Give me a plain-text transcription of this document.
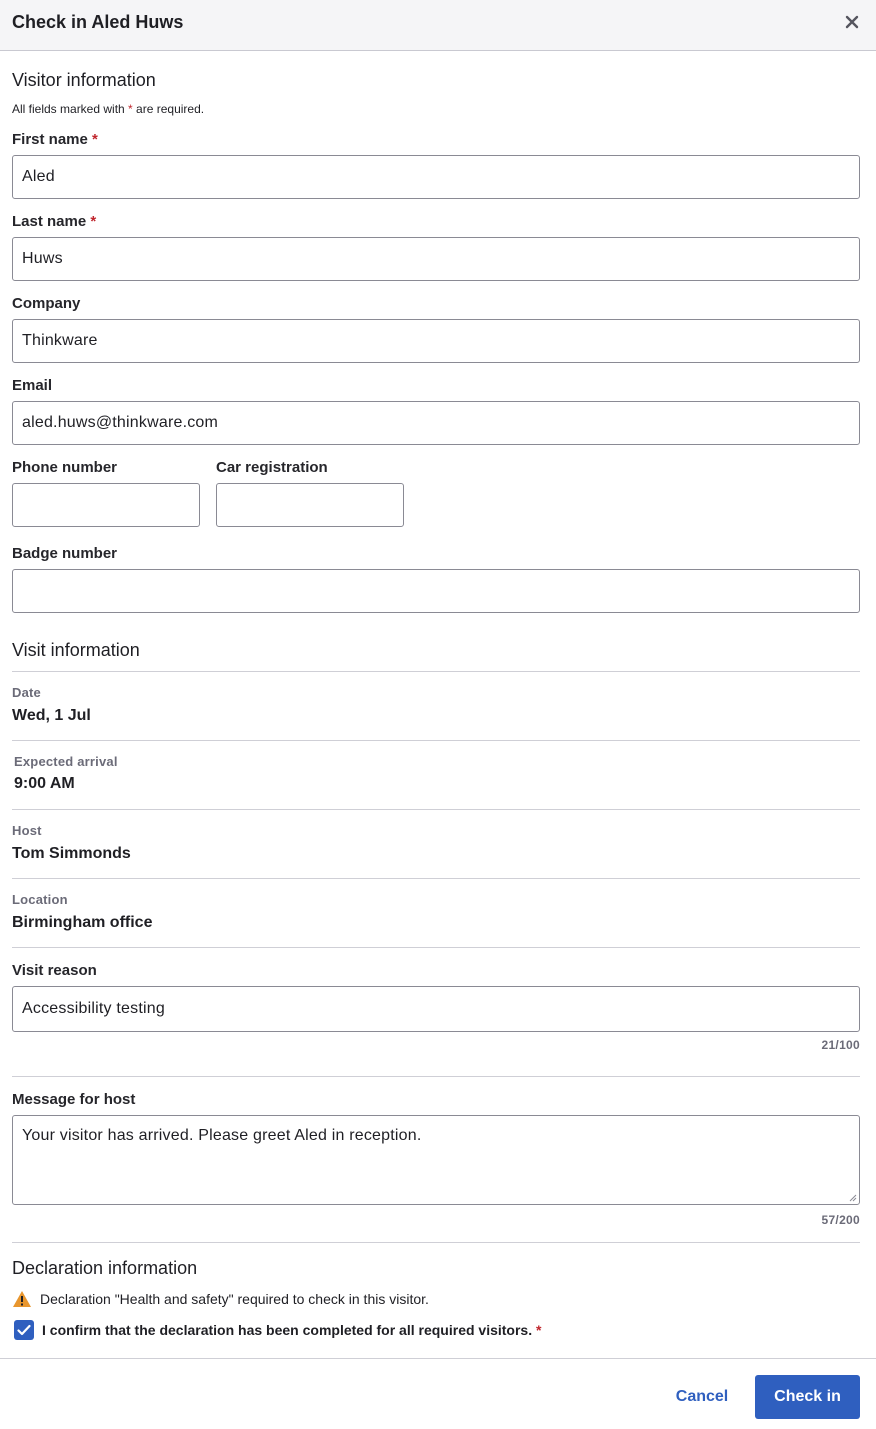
Check in Aled Huws
Visitor information
All fields marked with * are required.
First name *
Aled
Last name *
Huws
Company
Thinkware
Email
aled.huws@thinkware.com
Phone number	Car registration
Badge number
Visit information
Date
Wed, 1 Jul
Expected arrival
9:00 AM
Host
Tom Simmonds
Location
Birmingham office
Visit reason
Accessibility testing
21/100
Message for host
Your visitor has arrived. Please greet Aled in reception.
57/200
Declaration information
Declaration "Health and safety" required to check in this visitor.
I confirm that the declaration has been completed for all required visitors.
*
Cancel	Check in
